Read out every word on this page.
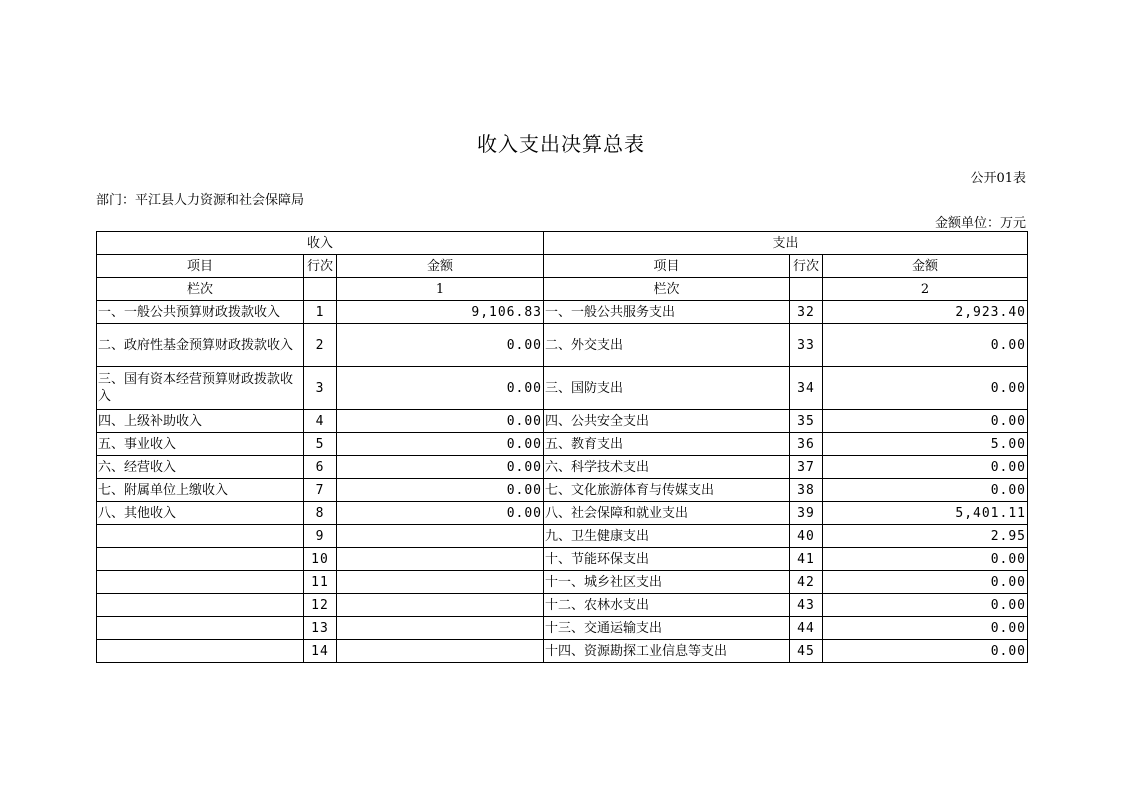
收入支出决算总表
公开01表
部门：平江县人力资源和社会保障局
金额单位：万元
收入			支出		
项目	行次	金额	项目	行次	金额
栏次		1	栏次		2
一、一般公共预算财政拨款收入	1	9,106.83	一、一般公共服务支出	32	2,923.40
二、政府性基金预算财政拨款收入	2	0.00	二、外交支出	33	0.00
三、国有资本经营预算财政拨款收入	3	0.00	三、国防支出	34	0.00
四、上级补助收入	4	0.00	四、公共安全支出	35	0.00
五、事业收入	5	0.00	五、教育支出	36	5.00
六、经营收入	6	0.00	六、科学技术支出	37	0.00
七、附属单位上缴收入	7	0.00	七、文化旅游体育与传媒支出	38	0.00
八、其他收入	8	0.00	八、社会保障和就业支出	39	5,401.11
	9		九、卫生健康支出	40	2.95
	10		十、节能环保支出	41	0.00
	11		十一、城乡社区支出	42	0.00
	12		十二、农林水支出	43	0.00
	13		十三、交通运输支出	44	0.00
	14		十四、资源勘探工业信息等支出	45	0.00
